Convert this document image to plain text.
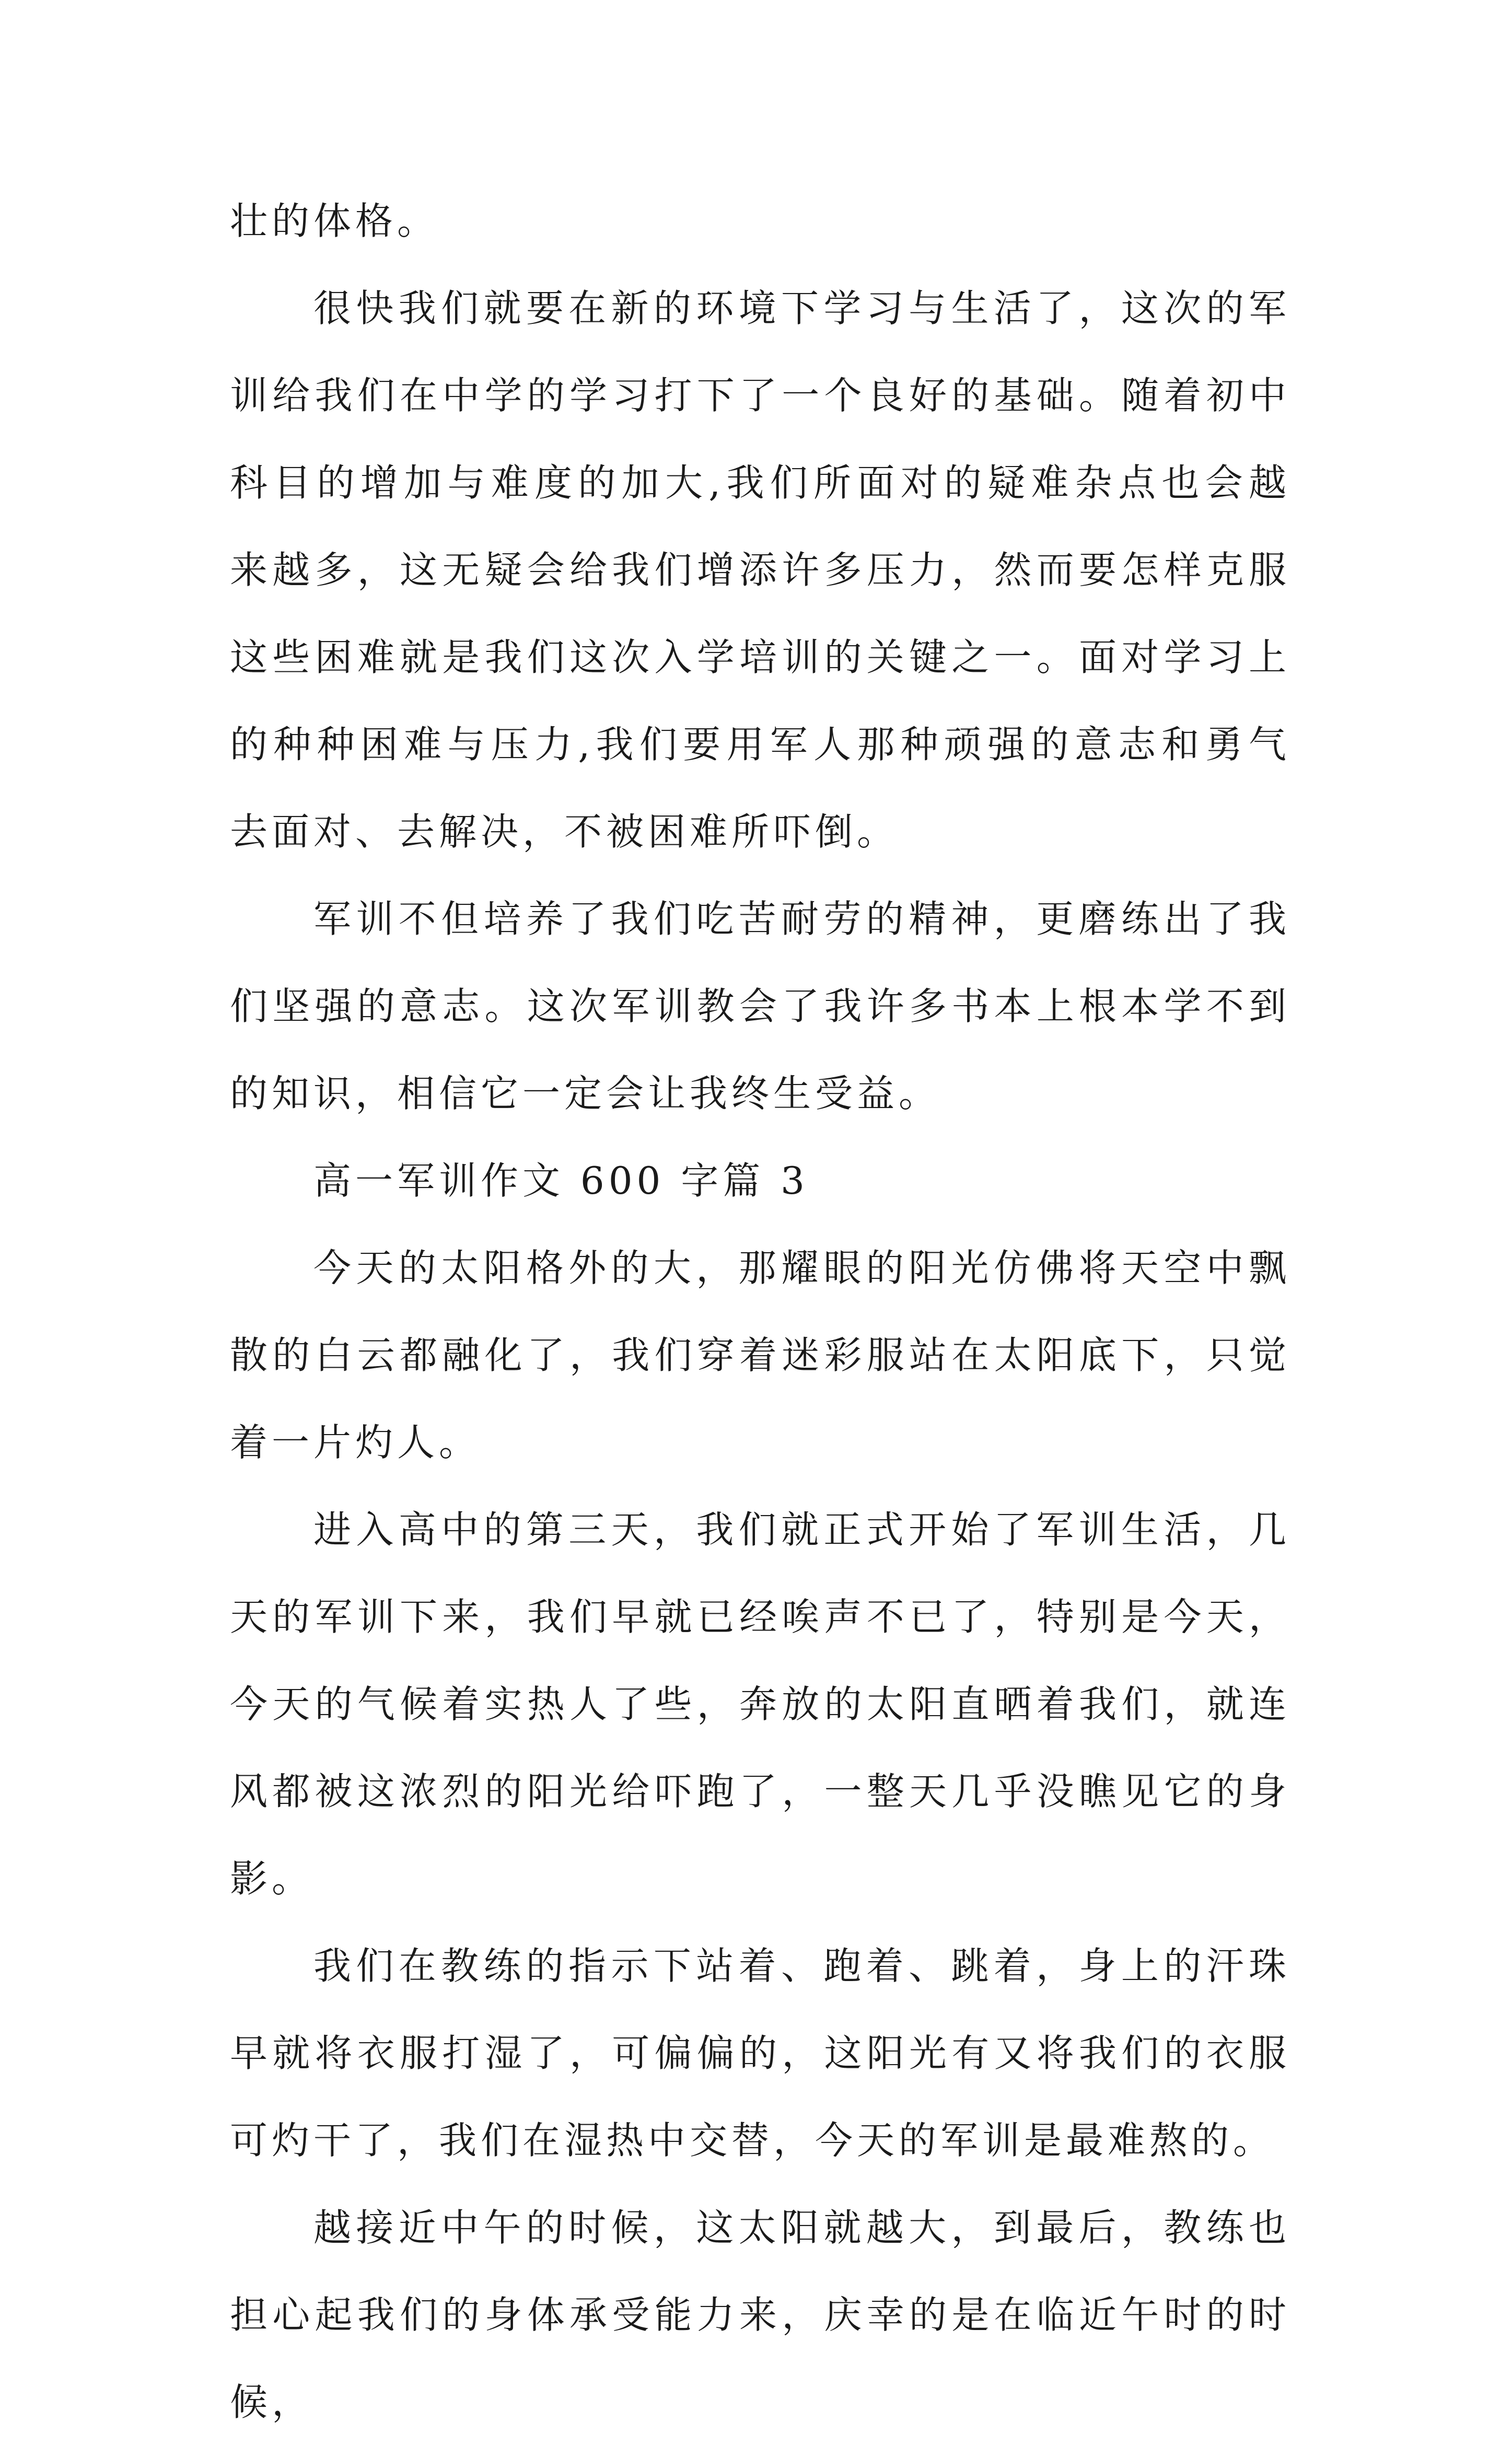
壮的体格。

很快我们就要在新的环境下学习与生活了，这次的军训给我们在中学的学习打下了一个良好的基础。随着初中科目的增加与难度的加大,我们所面对的疑难杂点也会越来越多，这无疑会给我们增添许多压力，然而要怎样克服这些困难就是我们这次入学培训的关键之一。面对学习上的种种困难与压力,我们要用军人那种顽强的意志和勇气去面对、去解决，不被困难所吓倒。

军训不但培养了我们吃苦耐劳的精神，更磨练出了我们坚强的意志。这次军训教会了我许多书本上根本学不到的知识，相信它一定会让我终生受益。

高一军训作文 600 字篇 3

今天的太阳格外的大，那耀眼的阳光仿佛将天空中飘散的白云都融化了，我们穿着迷彩服站在太阳底下，只觉着一片灼人。

进入高中的第三天，我们就正式开始了军训生活，几天的军训下来，我们早就已经唉声不已了，特别是今天，今天的气候着实热人了些，奔放的太阳直晒着我们，就连风都被这浓烈的阳光给吓跑了，一整天几乎没瞧见它的身影。

我们在教练的指示下站着、跑着、跳着，身上的汗珠早就将衣服打湿了，可偏偏的，这阳光有又将我们的衣服可灼干了，我们在湿热中交替，今天的军训是最难熬的。

越接近中午的时候，这太阳就越大，到最后，教练也担心起我们的身体承受能力来，庆幸的是在临近午时的时候，
